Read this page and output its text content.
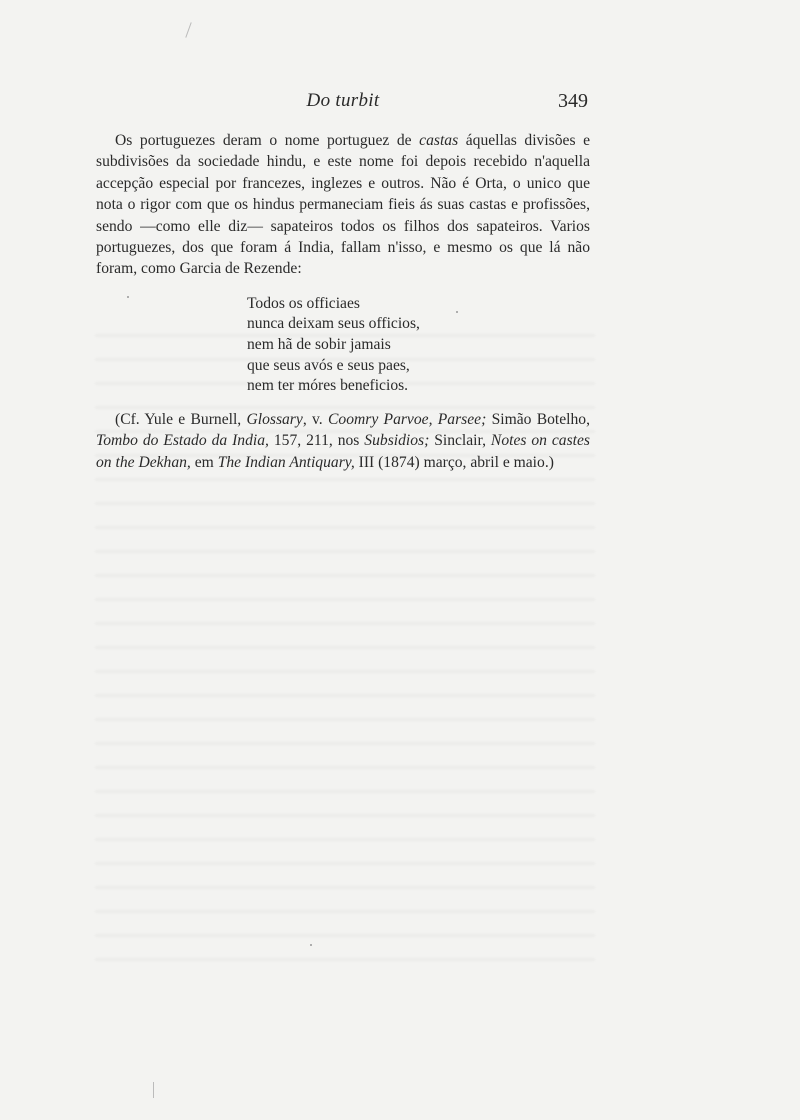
Do turbit	349

Os portuguezes deram o nome portuguez de castas áquellas divisões e subdivisões da sociedade hindu, e este nome foi depois recebido n'aquella accepção especial por francezes, inglezes e outros. Não é Orta, o unico que nota o rigor com que os hindus permaneciam fieis ás suas castas e profissões, sendo —como elle diz— sapateiros todos os filhos dos sapateiros. Varios portuguezes, dos que foram á India, fallam n'isso, e mesmo os que lá não foram, como Garcia de Rezende:

Todos os officiaes
nunca deixam seus officios,
nem hã de sobir jamais
que seus avós e seus paes,
nem ter móres beneficios.

(Cf. Yule e Burnell, Glossary, v. Coomry Parvoe, Parsee; Simão Botelho, Tombo do Estado da India, 157, 211, nos Subsidios; Sinclair, Notes on castes on the Dekhan, em The Indian Antiquary, III (1874) março, abril e maio.)
